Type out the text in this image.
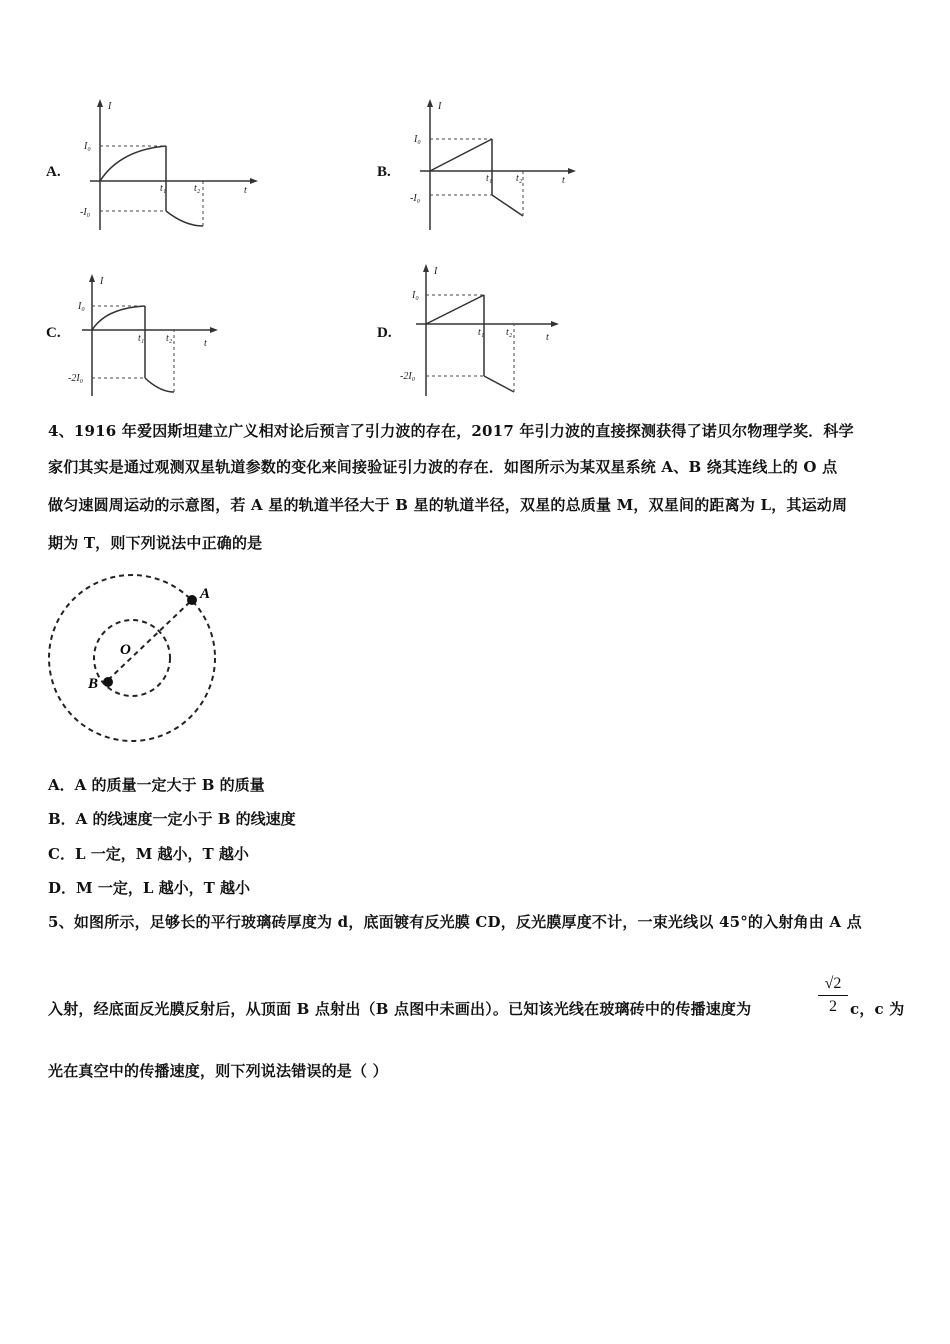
A.
I
t
I₀
-I₀
t₁	t₂
B.
I
t
I₀
-I₀
t₁ t₂
C.
I
t
I₀
-2I₀
t₁ t₂	D.
I
t
I₀
-2I₀
t₁ t₂
4、1916 年爱因斯坦建立广义相对论后预言了引力波的存在，2017 年引力波的直接探测获得了诺贝尔物理学奖．科学
家们其实是通过观测双星轨道参数的变化来间接验证引力波的存在．如图所示为某双星系统 A、B 绕其连线上的 O 点
做匀速圆周运动的示意图，若 A 星的轨道半径大于 B 星的轨道半径，双星的总质量 M，双星间的距离为 L，其运动周
期为 T，则下列说法中正确的是
A
B
O
A．A 的质量一定大于 B 的质量
B．A 的线速度一定小于 B 的线速度
C．L 一定，M 越小，T 越小
D．M 一定，L 越小，T 越小
5、如图所示，足够长的平行玻璃砖厚度为 d，底面镀有反光膜 CD，反光膜厚度不计，一束光线以 45°的入射角由 A 点
入射，经底面反光膜反射后，从顶面 B 点射出（B 点图中未画出）。已知该光线在玻璃砖中的传播速度为
√2
2 c，c 为
光在真空中的传播速度，则下列说法错误的是（ ）
